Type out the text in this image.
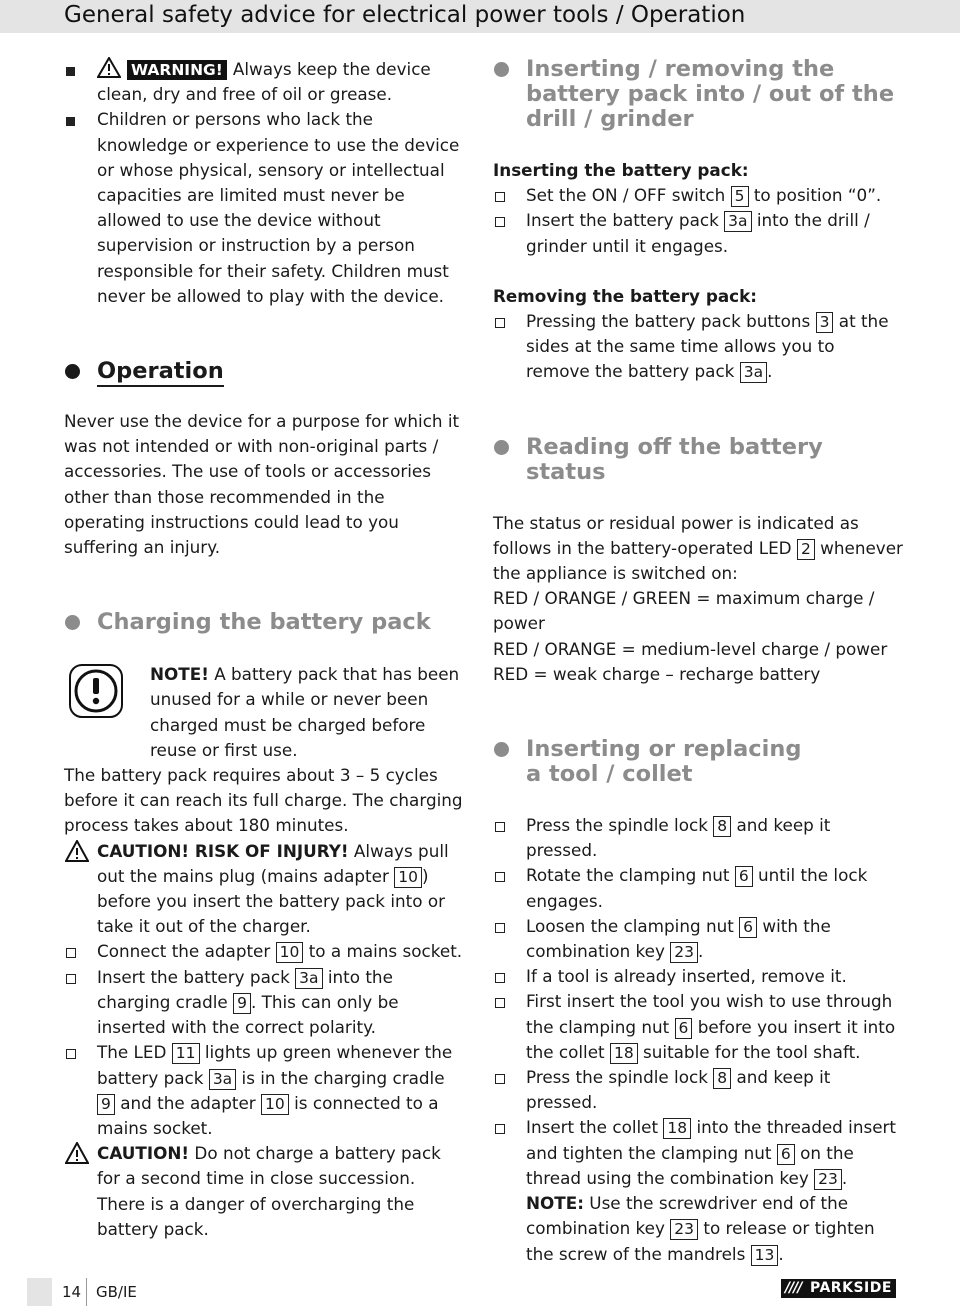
General safety advice for electrical power tools / Operation
WARNING! Always keep the device clean, dry and free of oil or grease.
Children or persons who lack the knowledge or experience to use the device or whose physical, sensory or intellectual capacities are limited must never be allowed to use the device without supervision or instruction by a person responsible for their safety. Children must never be allowed to play with the device.
Operation
Never use the device for a purpose for which it was not intended or with non-original parts / accessories. The use of tools or accessories other than those recommended in the operating instructions could lead to you suffering an injury.
Charging the battery pack
NOTE! A battery pack that has been unused for a while or never been charged must be charged before reuse or first use.
The battery pack requires about 3 – 5 cycles before it can reach its full charge. The charging process takes about 180 minutes.
CAUTION! RISK OF INJURY! Always pull out the mains plug (mains adapter 10 ) before you insert the battery pack into or take it out of the charger.
Connect the adapter 10 to a mains socket.
Insert the battery pack 3a into the charging cradle 9 . This can only be inserted with the correct polarity.
The LED 11 lights up green whenever the battery pack 3a is in the charging cradle 9 and the adapter 10 is connected to a mains socket.
CAUTION! Do not charge a battery pack for a second time in close succession. There is a danger of overcharging the battery pack.
Inserting / removing the
battery pack into / out of the
drill / grinder
Inserting the battery pack:
Set the ON / OFF switch 5 to position “0”.
Insert the battery pack 3a into the drill / grinder until it engages.
Removing the battery pack:
Pressing the battery pack buttons 3 at the sides at the same time allows you to remove the battery pack 3a .
Reading off the battery status
The status or residual power is indicated as follows in the battery-operated LED 2 whenever the appliance is switched on:
RED / ORANGE / GREEN = maximum charge / power
RED / ORANGE = medium-level charge / power
RED = weak charge – recharge battery
Inserting or replacing
a tool / collet
Press the spindle lock 8 and keep it pressed.
Rotate the clamping nut 6 until the lock engages.
Loosen the clamping nut 6 with the combination key 23 .
If a tool is already inserted, remove it.
First insert the tool you wish to use through the clamping nut 6 before you insert it into the collet 18 suitable for the tool shaft.
Press the spindle lock 8 and keep it pressed.
Insert the collet 18 into the threaded insert and tighten the clamping nut 6 on the thread using the combination key 23 .
NOTE: Use the screwdriver end of the combination key 23 to release or tighten the screw of the mandrels 13 .
14 GB/IE	//// PARKSIDE
